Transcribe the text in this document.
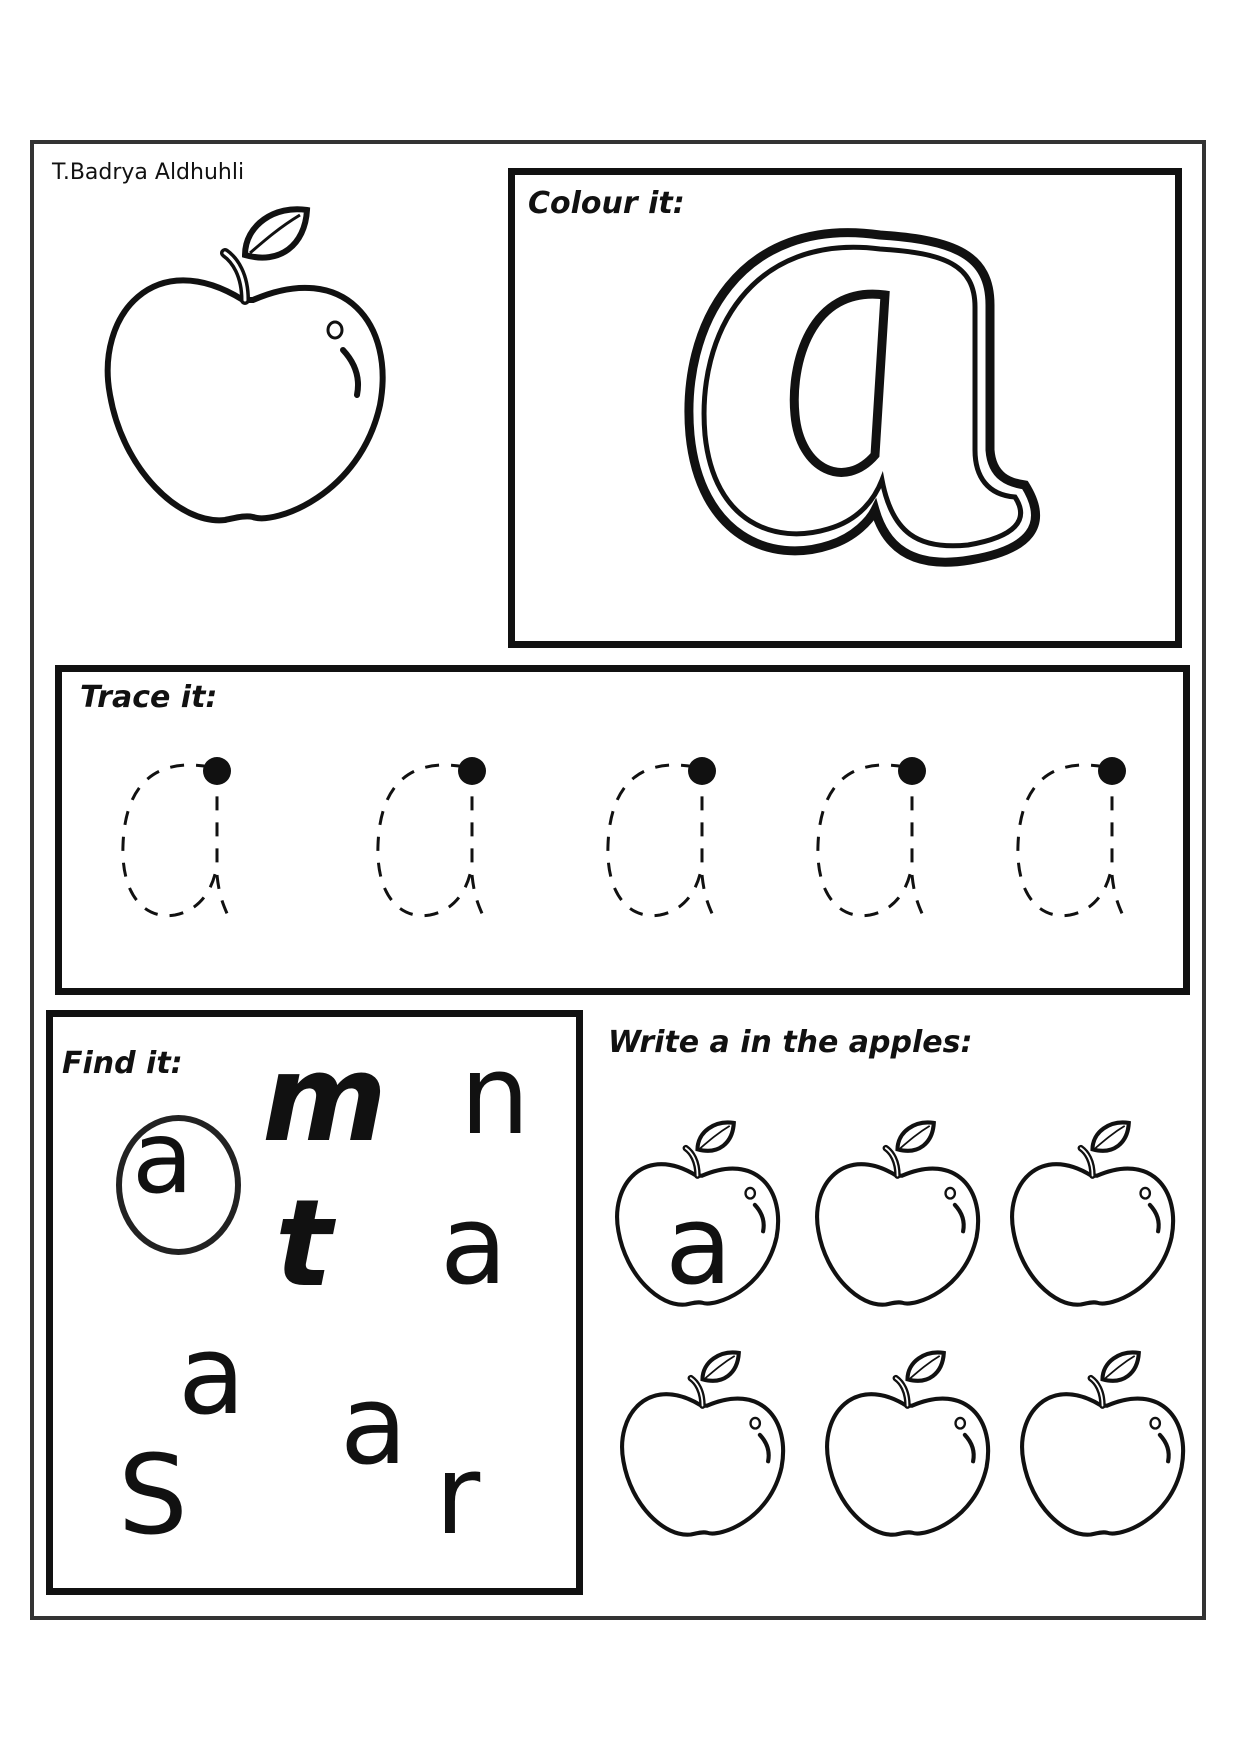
T.Badrya Aldhuhli
Colour it:
Trace it:
Find it: m n
a
t a
a a
S r
Write a in the apples:
a
